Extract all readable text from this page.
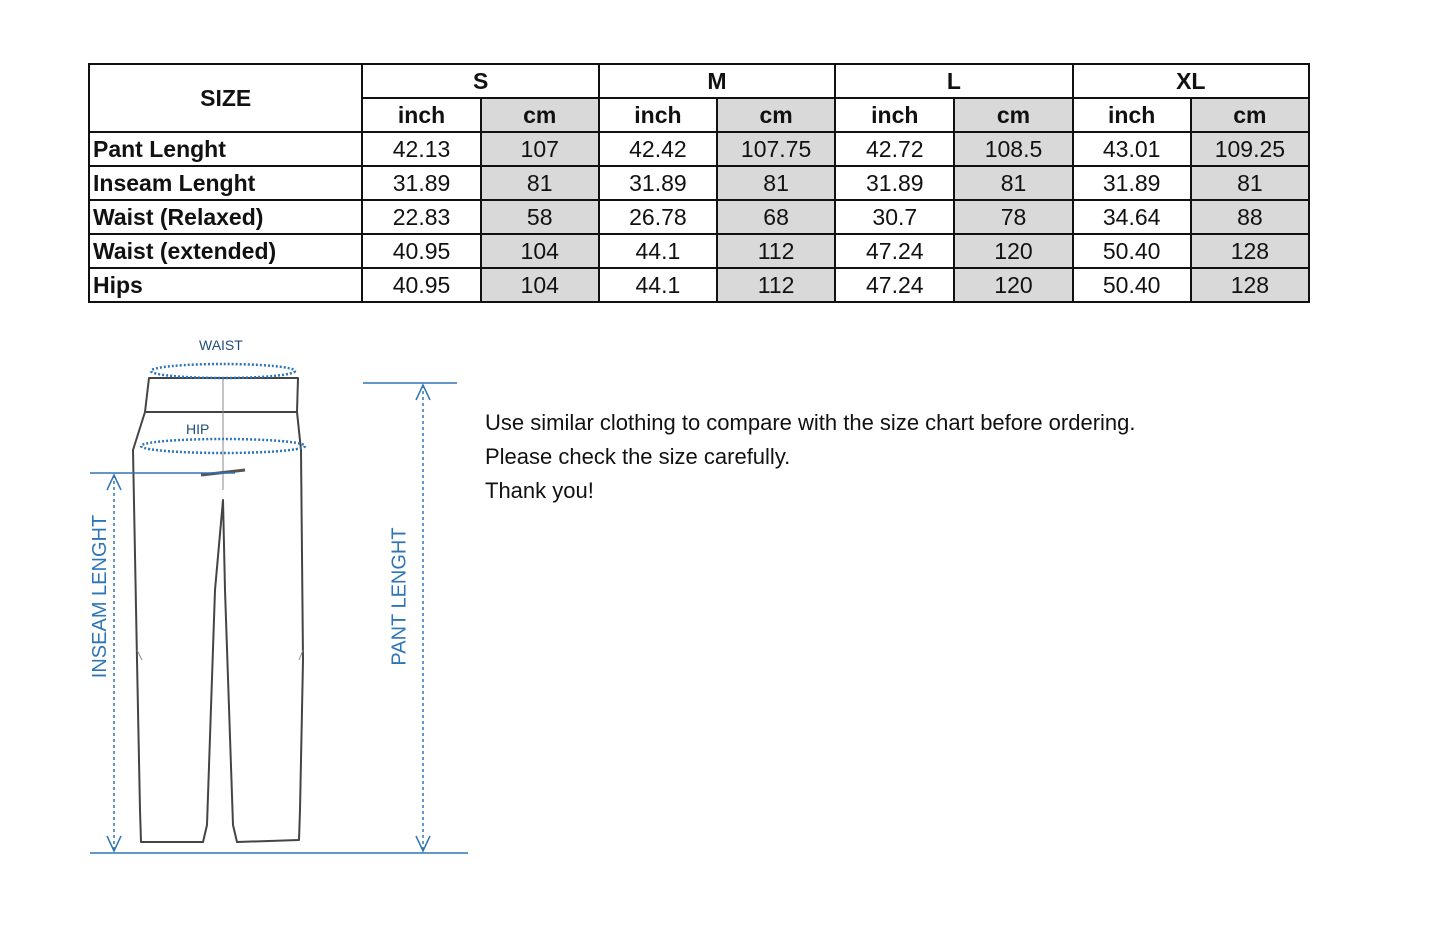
SIZE	S		M		L		XL	
	inch	cm	inch	cm	inch	cm	inch	cm
Pant Lenght	42.13	107	42.42	107.75	42.72	108.5	43.01	109.25
Inseam Lenght	31.89	81	31.89	81	31.89	81	31.89	81
Waist (Relaxed)	22.83	58	26.78	68	30.7	78	34.64	88
Waist (extended)	40.95	104	44.1	112	47.24	120	50.40	128
Hips	40.95	104	44.1	112	47.24	120	50.40	128
WAIST
HIP
INSEAM LENGHT	PANT LENGHT
Use similar clothing to compare with the size chart before ordering.
Please check the size carefully.
Thank you!
